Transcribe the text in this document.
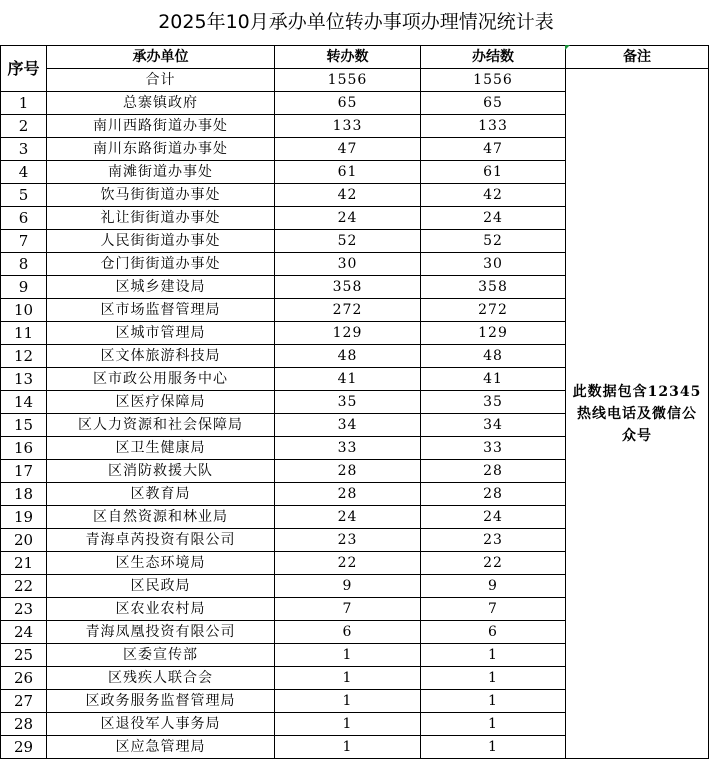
2025年10月承办单位转办事项办理情况统计表
序号	承办单位	转办数	办结数	备注
	合计	1556	1556	此数据包含12345热线电话及微信公众号
1	总寨镇政府	65	65	
2	南川西路街道办事处	133	133	
3	南川东路街道办事处	47	47	
4	南滩街道办事处	61	61	
5	饮马街街道办事处	42	42	
6	礼让街街道办事处	24	24	
7	人民街街道办事处	52	52	
8	仓门街街道办事处	30	30	
9	区城乡建设局	358	358	
10	区市场监督管理局	272	272	
11	区城市管理局	129	129	
12	区文体旅游科技局	48	48	
13	区市政公用服务中心	41	41	
14	区医疗保障局	35	35	
15	区人力资源和社会保障局	34	34	
16	区卫生健康局	33	33	
17	区消防救援大队	28	28	
18	区教育局	28	28	
19	区自然资源和林业局	24	24	
20	青海卓芮投资有限公司	23	23	
21	区生态环境局	22	22	
22	区民政局	9	9	
23	区农业农村局	7	7	
24	青海凤凰投资有限公司	6	6	
25	区委宣传部	1	1	
26	区残疾人联合会	1	1	
27	区政务服务监督管理局	1	1	
28	区退役军人事务局	1	1	
29	区应急管理局	1	1	
